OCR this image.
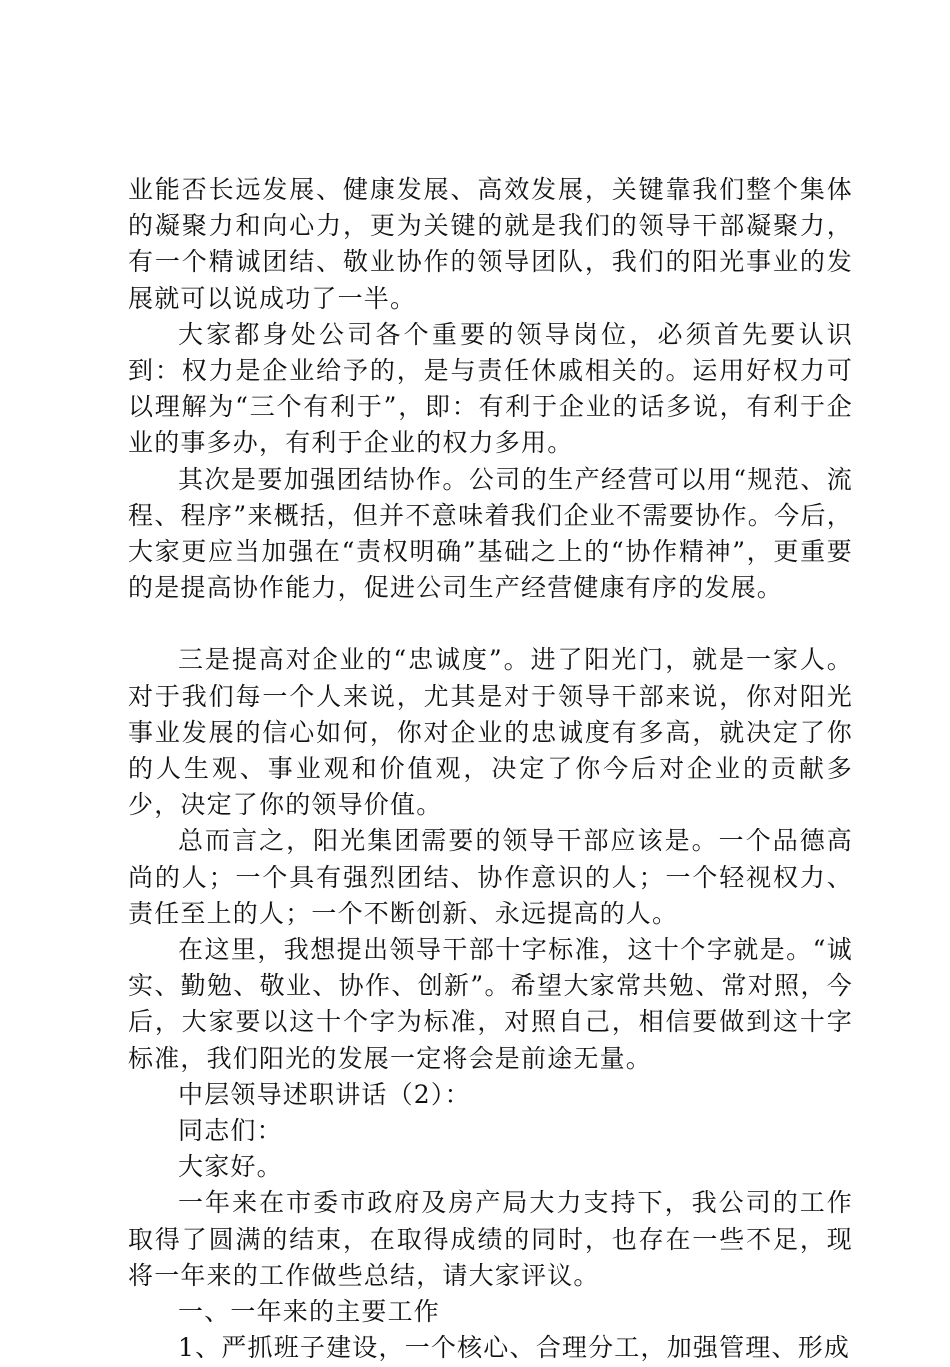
业能否长远发展、健康发展、高效发展，关键靠我们整个集体的凝聚力和向心力，更为关键的就是我们的领导干部凝聚力，有一个精诚团结、敬业协作的领导团队，我们的阳光事业的发展就可以说成功了一半。

大家都身处公司各个重要的领导岗位，必须首先要认识到：权力是企业给予的，是与责任休戚相关的。运用好权力可以理解为“三个有利于”，即：有利于企业的话多说，有利于企业的事多办，有利于企业的权力多用。

其次是要加强团结协作。公司的生产经营可以用“规范、流程、程序”来概括，但并不意味着我们企业不需要协作。今后，大家更应当加强在“责权明确”基础之上的“协作精神”，更重要的是提高协作能力，促进公司生产经营健康有序的发展。

三是提高对企业的“忠诚度”。进了阳光门，就是一家人。对于我们每一个人来说，尤其是对于领导干部来说，你对阳光事业发展的信心如何，你对企业的忠诚度有多高，就决定了你的人生观、事业观和价值观，决定了你今后对企业的贡献多少，决定了你的领导价值。

总而言之，阳光集团需要的领导干部应该是。一个品德高尚的人；一个具有强烈团结、协作意识的人；一个轻视权力、责任至上的人；一个不断创新、永远提高的人。

在这里，我想提出领导干部十字标准，这十个字就是。“诚实、勤勉、敬业、协作、创新”。希望大家常共勉、常对照，今后，大家要以这十个字为标准，对照自己，相信要做到这十字标准，我们阳光的发展一定将会是前途无量。

中层领导述职讲话（2）：

同志们：

大家好。

一年来在市委市政府及房产局大力支持下，我公司的工作取得了圆满的结束，在取得成绩的同时，也存在一些不足，现将一年来的工作做些总结，请大家评议。

一、一年来的主要工作

1、严抓班子建设，一个核心、合理分工，加强管理、形成
